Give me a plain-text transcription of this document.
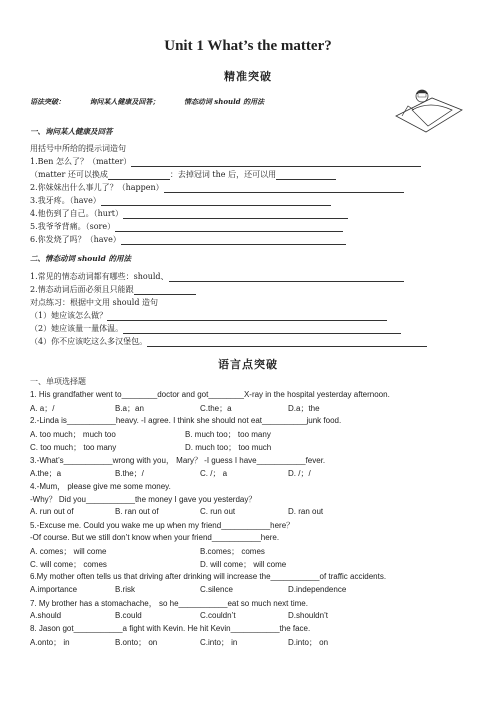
Unit 1 What’s the matter?
精准突破
语法突破：	询问某人健康及回答；	情态动词 should 的用法
一、询问某人健康及回答
用括号中所给的提示词造句
1.Ben 怎么了？（matter）
（matter 还可以换成	：去掉冠词 the 后，还可以用
2.你妹妹出什么事儿了？（happen）
3.我牙疼。（have）
4.他伤到了自己。（hurt）
5.我爷爷背痛。（sore）
6.你发烧了吗？（have）
二、情态动词 should 的用法
1.常见的情态动词都有哪些：should、
2.情态动词后面必须且只能跟
对点练习：根据中文用 should 造句
（1）她应该怎么做？
（2）她应该量一量体温。
（4）你不应该吃这么多汉堡包。
语言点突破
一、单项选择题
1. His grandfather went to________doctor and got________X-ray in the hospital yesterday afternoon.
A. a；/	B.a；an	C.the；a	D.a；the
2.-Linda is___________heavy. -I agree. I think she should not eat__________junk food.
A. too much； much too	B. much too； too many
C. too much； too many	D. much too； too much
3.-What’s___________wrong with you， Mary？ -I guess I have___________fever.
A.the；a	B.the；/	C. /； a	D. /；/
4.-Mum， please give me some money.
-Why？ Did you___________the money I gave you yesterday？
A. run out of	B. ran out of	C. run out	D. ran out
5.-Excuse me. Could you wake me up when my friend___________here？
-Of course. But we still don’t know when your friend___________here.
A. comes； will come	B.comes； comes
C. will come； comes	D. will come； will come
6.My mother often tells us that driving after drinking will increase the___________of traffic accidents.
A.importance	B.risk	C.silence	D.independence
7. My brother has a stomachache， so he___________eat so much next time.
A.should	B.could	C.couldn’t	D.shouldn’t
8. Jason got___________a fight with Kevin. He hit Kevin___________the face.
A.onto； in	B.onto； on	C.into； in	D.into； on
